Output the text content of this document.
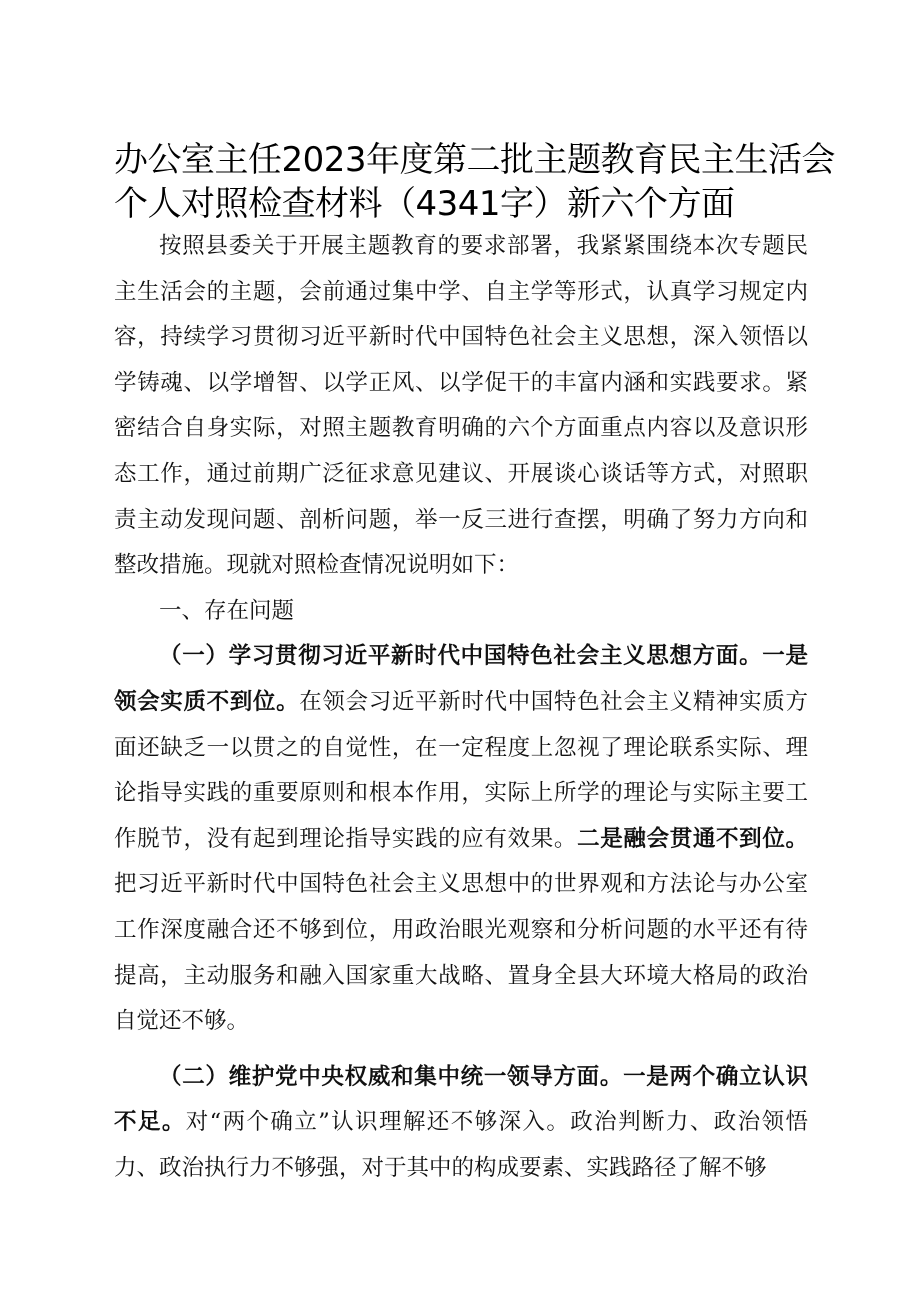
办公室主任2023年度第二批主题教育民主生活会
个人对照检查材料（4341字）新六个方面

按照县委关于开展主题教育的要求部署，我紧紧围绕本次专题民主生活会的主题，会前通过集中学、自主学等形式，认真学习规定内容，持续学习贯彻习近平新时代中国特色社会主义思想，深入领悟以学铸魂、以学增智、以学正风、以学促干的丰富内涵和实践要求。紧密结合自身实际，对照主题教育明确的六个方面重点内容以及意识形态工作，通过前期广泛征求意见建议、开展谈心谈话等方式，对照职责主动发现问题、剖析问题，举一反三进行查摆，明确了努力方向和整改措施。现就对照检查情况说明如下：

一、存在问题

（一）学习贯彻习近平新时代中国特色社会主义思想方面。一是领会实质不到位。在领会习近平新时代中国特色社会主义精神实质方面还缺乏一以贯之的自觉性，在一定程度上忽视了理论联系实际、理论指导实践的重要原则和根本作用，实际上所学的理论与实际主要工作脱节，没有起到理论指导实践的应有效果。二是融会贯通不到位。把习近平新时代中国特色社会主义思想中的世界观和方法论与办公室工作深度融合还不够到位，用政治眼光观察和分析问题的水平还有待提高，主动服务和融入国家重大战略、置身全县大环境大格局的政治自觉还不够。

（二）维护党中央权威和集中统一领导方面。一是两个确立认识不足。对“两个确立”认识理解还不够深入。政治判断力、政治领悟力、政治执行力不够强，对于其中的构成要素、实践路径了解不够
